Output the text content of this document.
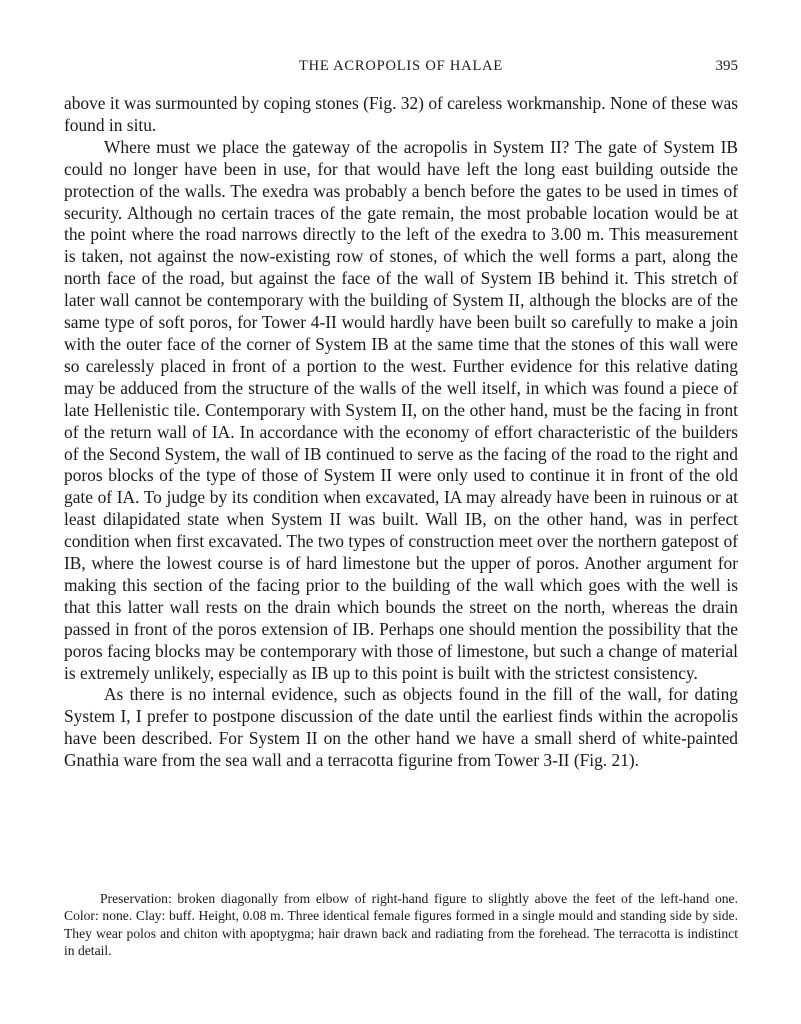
THE ACROPOLIS OF HALAE	395

above it was surmounted by coping stones (Fig. 32) of careless workmanship. None of these was found in situ.

Where must we place the gateway of the acropolis in System II? The gate of System IB could no longer have been in use, for that would have left the long east building outside the protection of the walls. The exedra was probably a bench before the gates to be used in times of security. Although no certain traces of the gate remain, the most probable location would be at the point where the road narrows directly to the left of the exedra to 3.00 m. This measurement is taken, not against the now-existing row of stones, of which the well forms a part, along the north face of the road, but against the face of the wall of System IB behind it. This stretch of later wall cannot be contemporary with the building of System II, although the blocks are of the same type of soft poros, for Tower 4-II would hardly have been built so carefully to make a join with the outer face of the corner of System IB at the same time that the stones of this wall were so carelessly placed in front of a portion to the west. Further evidence for this relative dating may be adduced from the structure of the walls of the well itself, in which was found a piece of late Hellenistic tile. Contemporary with System II, on the other hand, must be the facing in front of the return wall of IA. In accordance with the economy of effort characteristic of the builders of the Second System, the wall of IB continued to serve as the facing of the road to the right and poros blocks of the type of those of System II were only used to continue it in front of the old gate of IA. To judge by its condition when excavated, IA may already have been in ruinous or at least dilapidated state when System II was built. Wall IB, on the other hand, was in perfect condition when first excavated. The two types of construction meet over the northern gatepost of IB, where the lowest course is of hard limestone but the upper of poros. Another argument for making this section of the facing prior to the building of the wall which goes with the well is that this latter wall rests on the drain which bounds the street on the north, whereas the drain passed in front of the poros extension of IB. Perhaps one should mention the possibility that the poros facing blocks may be contemporary with those of limestone, but such a change of material is extremely unlikely, especially as IB up to this point is built with the strictest consistency.

As there is no internal evidence, such as objects found in the fill of the wall, for dating System I, I prefer to postpone discussion of the date until the earliest finds within the acropolis have been described. For System II on the other hand we have a small sherd of white-painted Gnathia ware from the sea wall and a terracotta figurine from Tower 3-II (Fig. 21).

Preservation: broken diagonally from elbow of right-hand figure to slightly above the feet of the left-hand one. Color: none. Clay: buff. Height, 0.08 m. Three identical female figures formed in a single mould and standing side by side. They wear polos and chiton with apoptygma; hair drawn back and radiating from the forehead. The terracotta is indistinct in detail.
